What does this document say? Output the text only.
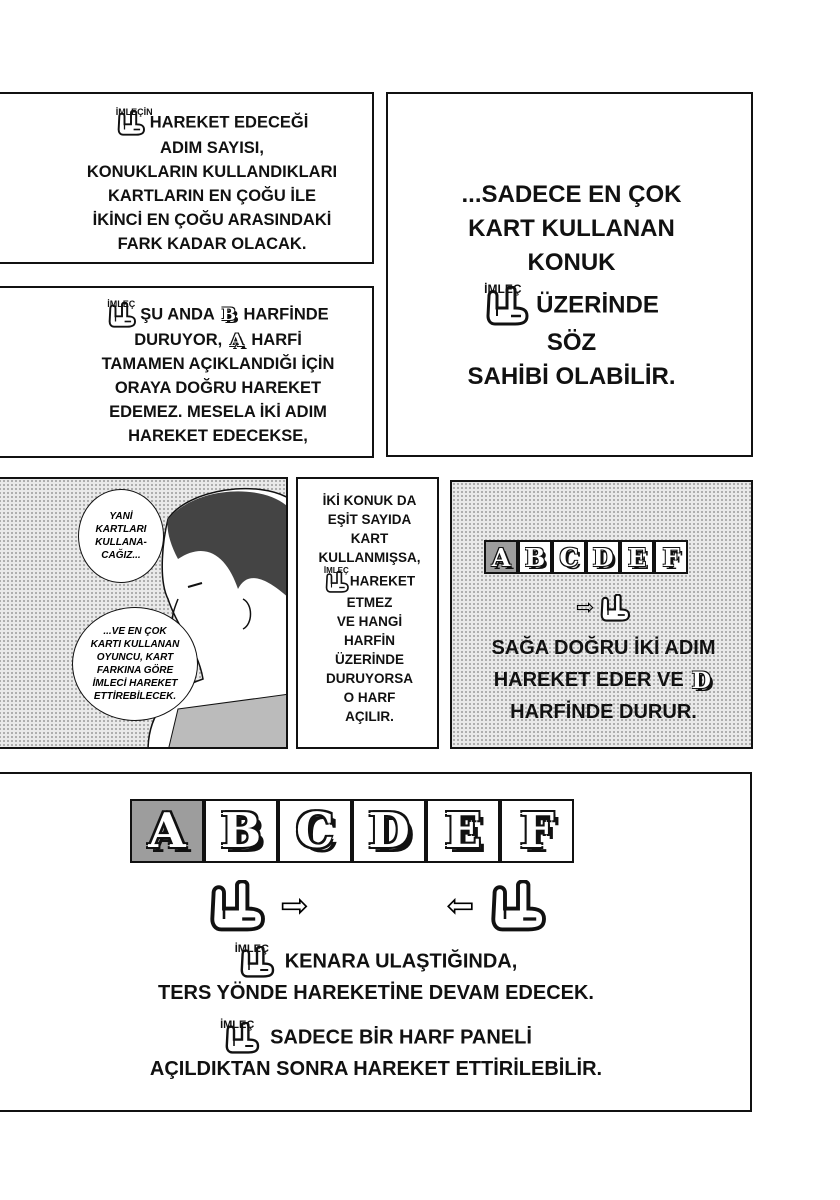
İMLEÇİN
HAREKET EDECEĞİ
ADIM SAYISI,
KONUKLARIN KULLANDIKLARI
KARTLARIN EN ÇOĞU İLE
İKİNCİ EN ÇOĞU ARASINDAKİ
FARK KADAR OLACAK.
...SADECE EN ÇOK
KART KULLANAN
KONUK
İMLEÇ
ÜZERİNDE
SÖZ
SAHİBİ OLABİLİR.
İMLEÇ
ŞU ANDA B HARFİNDE
DURUYOR, A HARFİ
TAMAMEN AÇIKLANDIĞI İÇİN
ORAYA DOĞRU HAREKET
EDEMEZ. MESELA İKİ ADIM
HAREKET EDECEKSE,
YANİ
KARTLARI
KULLANA-
CAĞIZ...
...VE EN ÇOK
KARTI KULLANAN
OYUNCU, KART
FARKINA GÖRE
İMLECİ HAREKET
ETTİREBİLECEK.
İKİ KONUK DA
EŞİT SAYIDA
KART
KULLANMIŞSA,
İMLEÇ
HAREKET
ETMEZ
VE HANGİ
HARFİN
ÜZERİNDE
DURUYORSA
O HARF
AÇILIR.
A B C D E F
⇨
SAĞA DOĞRU İKİ ADIM
HAREKET EDER VE D
HARFİNDE DURUR.
A B C D E F
⇨	⇦
İMLEÇ
KENARA ULAŞTIĞINDA,
TERS YÖNDE HAREKETİNE DEVAM EDECEK.
İMLEÇ
SADECE BİR HARF PANELİ
AÇILDIKTAN SONRA HAREKET ETTİRİLEBİLİR.
